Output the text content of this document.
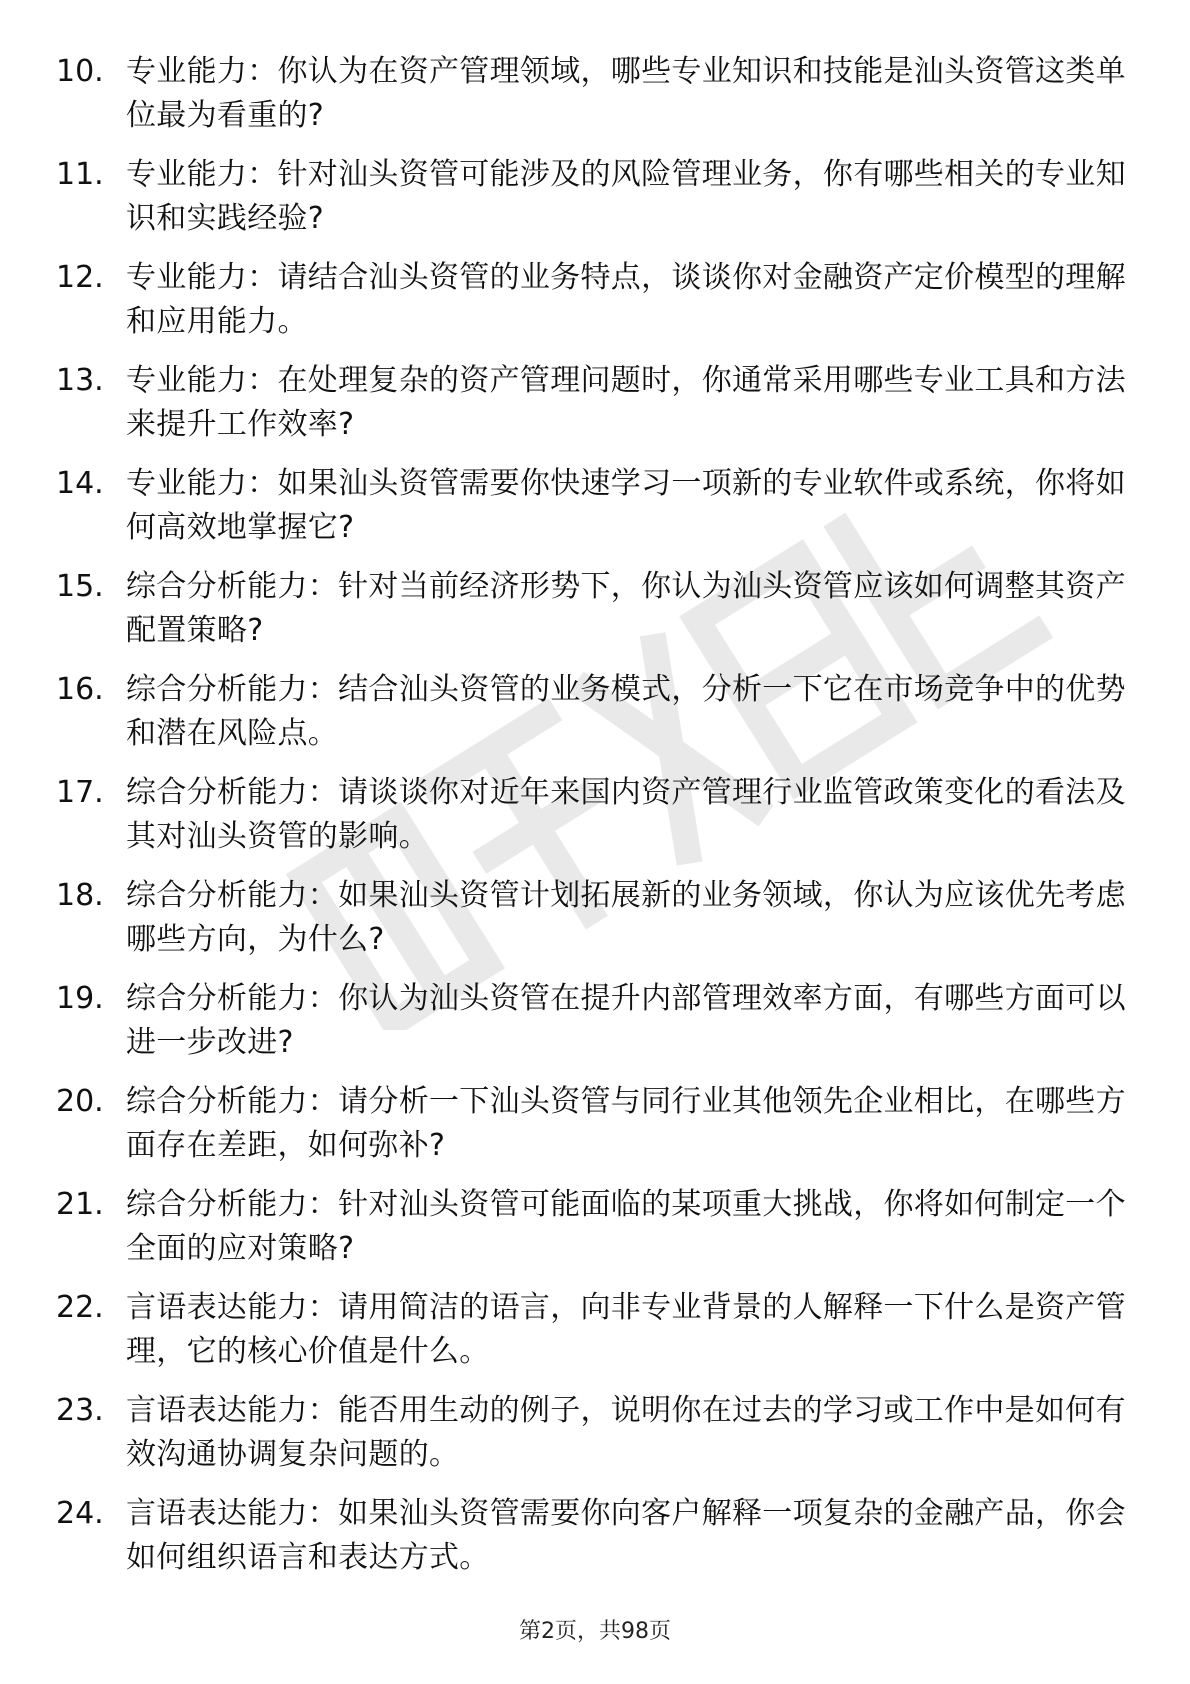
10. 专业能力：你认为在资产管理领域，哪些专业知识和技能是汕头资管这类单位最为看重的?
11. 专业能力：针对汕头资管可能涉及的风险管理业务，你有哪些相关的专业知识和实践经验?
12. 专业能力：请结合汕头资管的业务特点，谈谈你对金融资产定价模型的理解和应用能力。
13. 专业能力：在处理复杂的资产管理问题时，你通常采用哪些专业工具和方法来提升工作效率?
14. 专业能力：如果汕头资管需要你快速学习一项新的专业软件或系统，你将如何高效地掌握它?
15. 综合分析能力：针对当前经济形势下，你认为汕头资管应该如何调整其资产配置策略?
16. 综合分析能力：结合汕头资管的业务模式，分析一下它在市场竞争中的优势和潜在风险点。
17. 综合分析能力：请谈谈你对近年来国内资产管理行业监管政策变化的看法及其对汕头资管的影响。
18. 综合分析能力：如果汕头资管计划拓展新的业务领域，你认为应该优先考虑哪些方向，为什么?
19. 综合分析能力：你认为汕头资管在提升内部管理效率方面，有哪些方面可以进一步改进?
20. 综合分析能力：请分析一下汕头资管与同行业其他领先企业相比，在哪些方面存在差距，如何弥补?
21. 综合分析能力：针对汕头资管可能面临的某项重大挑战，你将如何制定一个全面的应对策略?
22. 言语表达能力：请用简洁的语言，向非专业背景的人解释一下什么是资产管理，它的核心价值是什么。
23. 言语表达能力：能否用生动的例子，说明你在过去的学习或工作中是如何有效沟通协调复杂问题的。
24. 言语表达能力：如果汕头资管需要你向客户解释一项复杂的金融产品，你会如何组织语言和表达方式。
第2页，共98页
